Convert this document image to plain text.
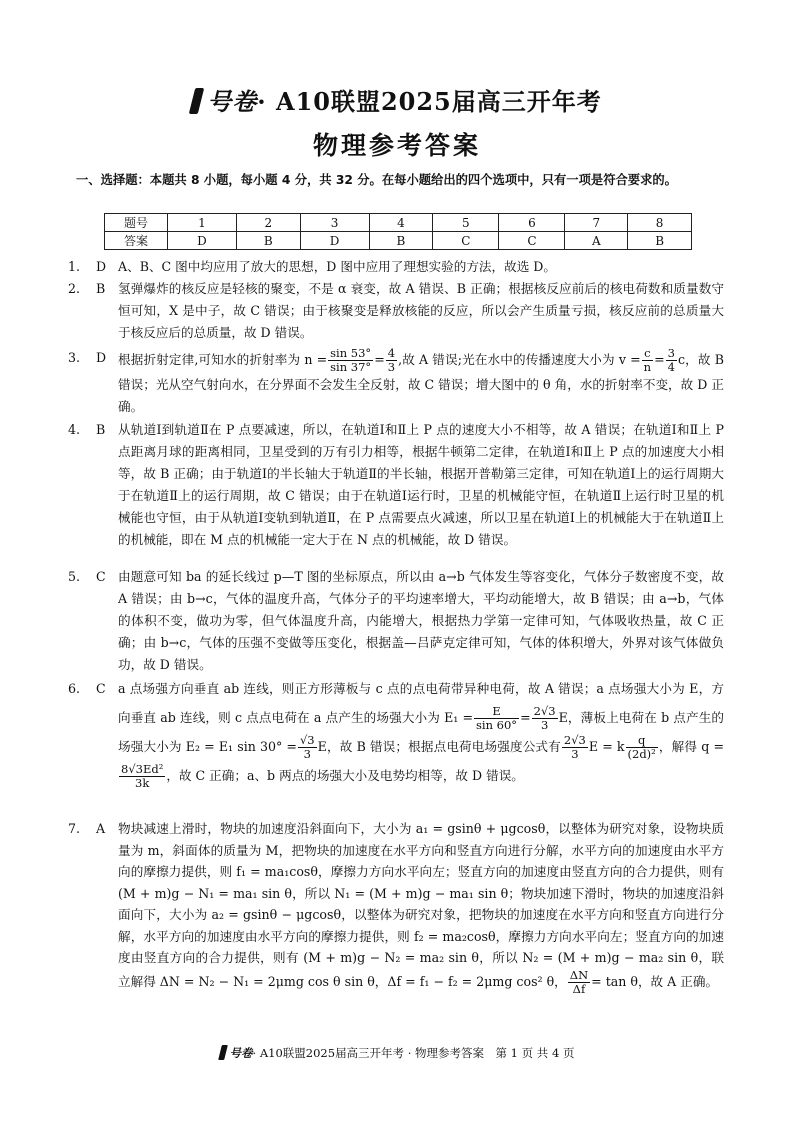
号卷· A10联盟2025届高三开年考
物理参考答案
一、选择题：本题共 8 小题，每小题 4 分，共 32 分。在每小题给出的四个选项中，只有一项是符合要求的。
题号	1	2	3	4	5	6	7	8
答案	D	B	D	B	C	C	A	B
1. D A、B、C 图中均应用了放大的思想，D 图中应用了理想实验的方法，故选 D。
2. B 氢弹爆炸的核反应是轻核的聚变，不是 α 衰变，故 A 错误、B 正确；根据核反应前后的核电荷数和质量数守恒可知，X 是中子，故 C 错误；由于核聚变是释放核能的反应，所以会产生质量亏损，核反应前的总质量大于核反应后的总质量，故 D 错误。
3. D 根据折射定律,可知水的折射率为 $n = \frac{\sin 53^\circ}{\sin 37^\circ} = \frac{4}{3}$ ,故 A 错误;光在水中的传播速度大小为 $v = \frac{c}{n} = \frac{3}{4}$ c，故 B 错误；光从空气射向水，在分界面不会发生全反射，故 C 错误；增大图中的 θ 角，水的折射率不变，故 D 正确。
4. B 从轨道Ⅰ到轨道Ⅱ在 P 点要减速，所以，在轨道Ⅰ和Ⅱ上 P 点的速度大小不相等，故 A 错误；在轨道Ⅰ和Ⅱ上 P 点距离月球的距离相同，卫星受到的万有引力相等，根据牛顿第二定律，在轨道Ⅰ和Ⅱ上 P 点的加速度大小相等，故 B 正确；由于轨道Ⅰ的半长轴大于轨道Ⅱ的半长轴，根据开普勒第三定律，可知在轨道Ⅰ上的运行周期大于在轨道Ⅱ上的运行周期，故 C 错误；由于在轨道Ⅰ运行时，卫星的机械能守恒，在轨道Ⅱ上运行时卫星的机械能也守恒，由于从轨道Ⅰ变轨到轨道Ⅱ，在 P 点需要点火减速，所以卫星在轨道Ⅰ上的机械能大于在轨道Ⅱ上的机械能，即在 M 点的机械能一定大于在 N 点的机械能，故 D 错误。
5. C 由题意可知 ba 的延长线过 p—T 图的坐标原点，所以由 a→b 气体发生等容变化，气体分子数密度不变，故 A 错误；由 b→c，气体的温度升高，气体分子的平均速率增大，平均动能增大，故 B 错误；由 a→b，气体的体积不变，做功为零，但气体温度升高，内能增大，根据热力学第一定律可知，气体吸收热量，故 C 正确；由 b→c，气体的压强不变做等压变化，根据盖—吕萨克定律可知，气体的体积增大，外界对该气体做负功，故 D 错误。
6. C a 点场强方向垂直 ab 连线，则正方形薄板与 c 点的点电荷带异种电荷，故 A 错误；a 点场强大小为 E，方向垂直 ab 连线，则 c 点点电荷在 a 点产生的场强大小为 $E_1 = \frac{E}{\sin 60^\circ} = \frac{2√3}{3}$ E，薄板上电荷在 b 点产生的场强大小为 E₂ = E₁ $\sin 30^\circ = \frac{√3}{3}$ E，故 B 错误；根据点电荷电场强度公式有 $\frac{2√3}{3}$ E = k $\frac{q}{\text{(2d)²}}$ ，解得 q =
$\frac{\text{8√3Ed²}}{3k}$ ，故 C 正确；a、b 两点的场强大小及电势均相等，故 D 错误。
7. A 物块减速上滑时，物块的加速度沿斜面向下，大小为 a₁ = gsinθ + μgcosθ，以整体为研究对象，设物块质量为 m，斜面体的质量为 M，把物块的加速度在水平方向和竖直方向进行分解，水平方向的加速度由水平方向的摩擦力提供，则 f₁ = ma₁cosθ，摩擦力方向水平向左；竖直方向的加速度由竖直方向的合力提供，则有 (M + m)g − N₁ = ma₁ sin θ，所以 N₁ = (M + m)g − ma₁ sin θ；物块加速下滑时，物块的加速度沿斜面向下，大小为 a₂ = gsinθ − μgcosθ，以整体为研究对象，把物块的加速度在水平方向和竖直方向进行分解，水平方向的加速度由水平方向的摩擦力提供，则 f₂ = ma₂cosθ，摩擦力方向水平向左；竖直方向的加速度由竖直方向的合力提供，则有 (M + m)g − N₂ = ma₂ sin θ，所以 N₂ = (M + m)g − ma₂ sin θ，联立解得 ΔN = N₂ − N₁ = 2μmg cos θ sin θ，Δf = f₁ − f₂ = 2μmg cos² θ， $\frac{\Delta N}{\Delta f} = \tan \theta$，故 A 正确。
号卷· A10联盟2025届高三开年考 · 物理参考答案　第 1 页 共 4 页
